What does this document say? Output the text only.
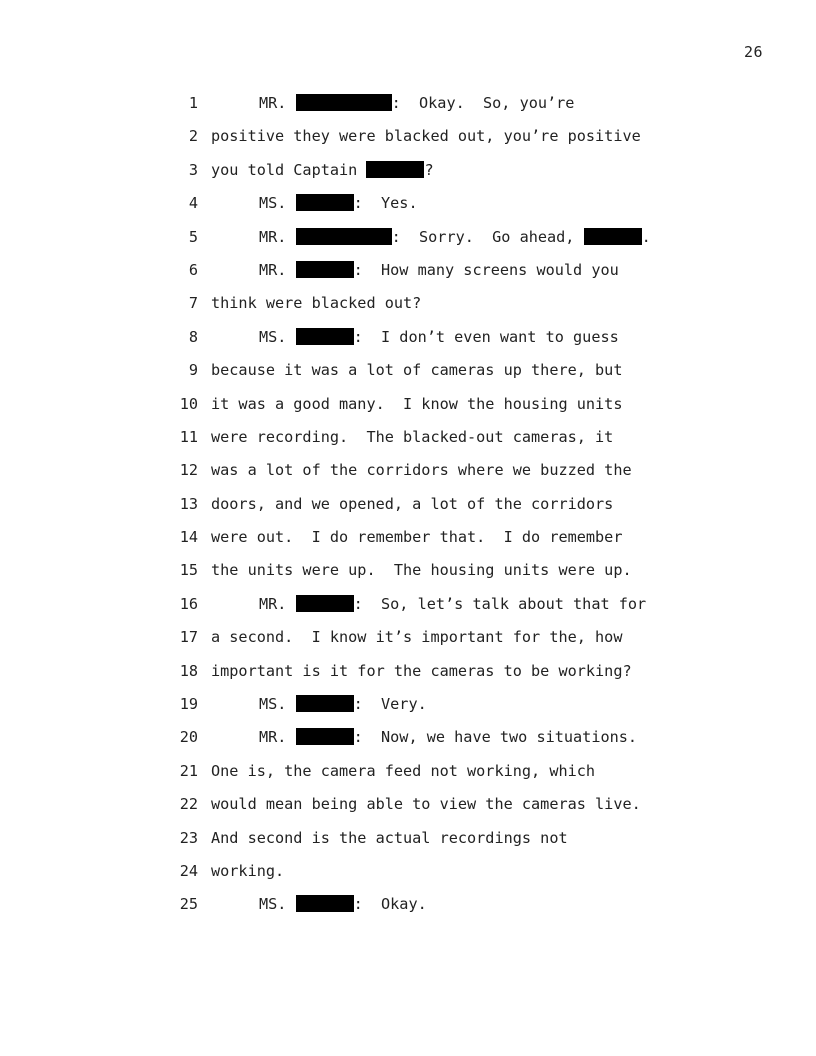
26
1	MR.	:  Okay.  So, you’re
2 positive they were blacked out, you’re positive
3 you told Captain	?
4	MS.	:  Yes.
5	MR.	:  Sorry.  Go ahead,	.
6	MR.	:  How many screens would you
7 think were blacked out?
8	MS.	:  I don’t even want to guess
9 because it was a lot of cameras up there, but
10 it was a good many.  I know the housing units
11 were recording.  The blacked-out cameras, it
12 was a lot of the corridors where we buzzed the
13 doors, and we opened, a lot of the corridors
14 were out.  I do remember that.  I do remember
15 the units were up.  The housing units were up.
16	MR.	:  So, let’s talk about that for
17 a second.  I know it’s important for the, how
18 important is it for the cameras to be working?
19	MS.	:  Very.
20	MR.	:  Now, we have two situations.
21 One is, the camera feed not working, which
22 would mean being able to view the cameras live.
23 And second is the actual recordings not
24 working.
25	MS.	:  Okay.
